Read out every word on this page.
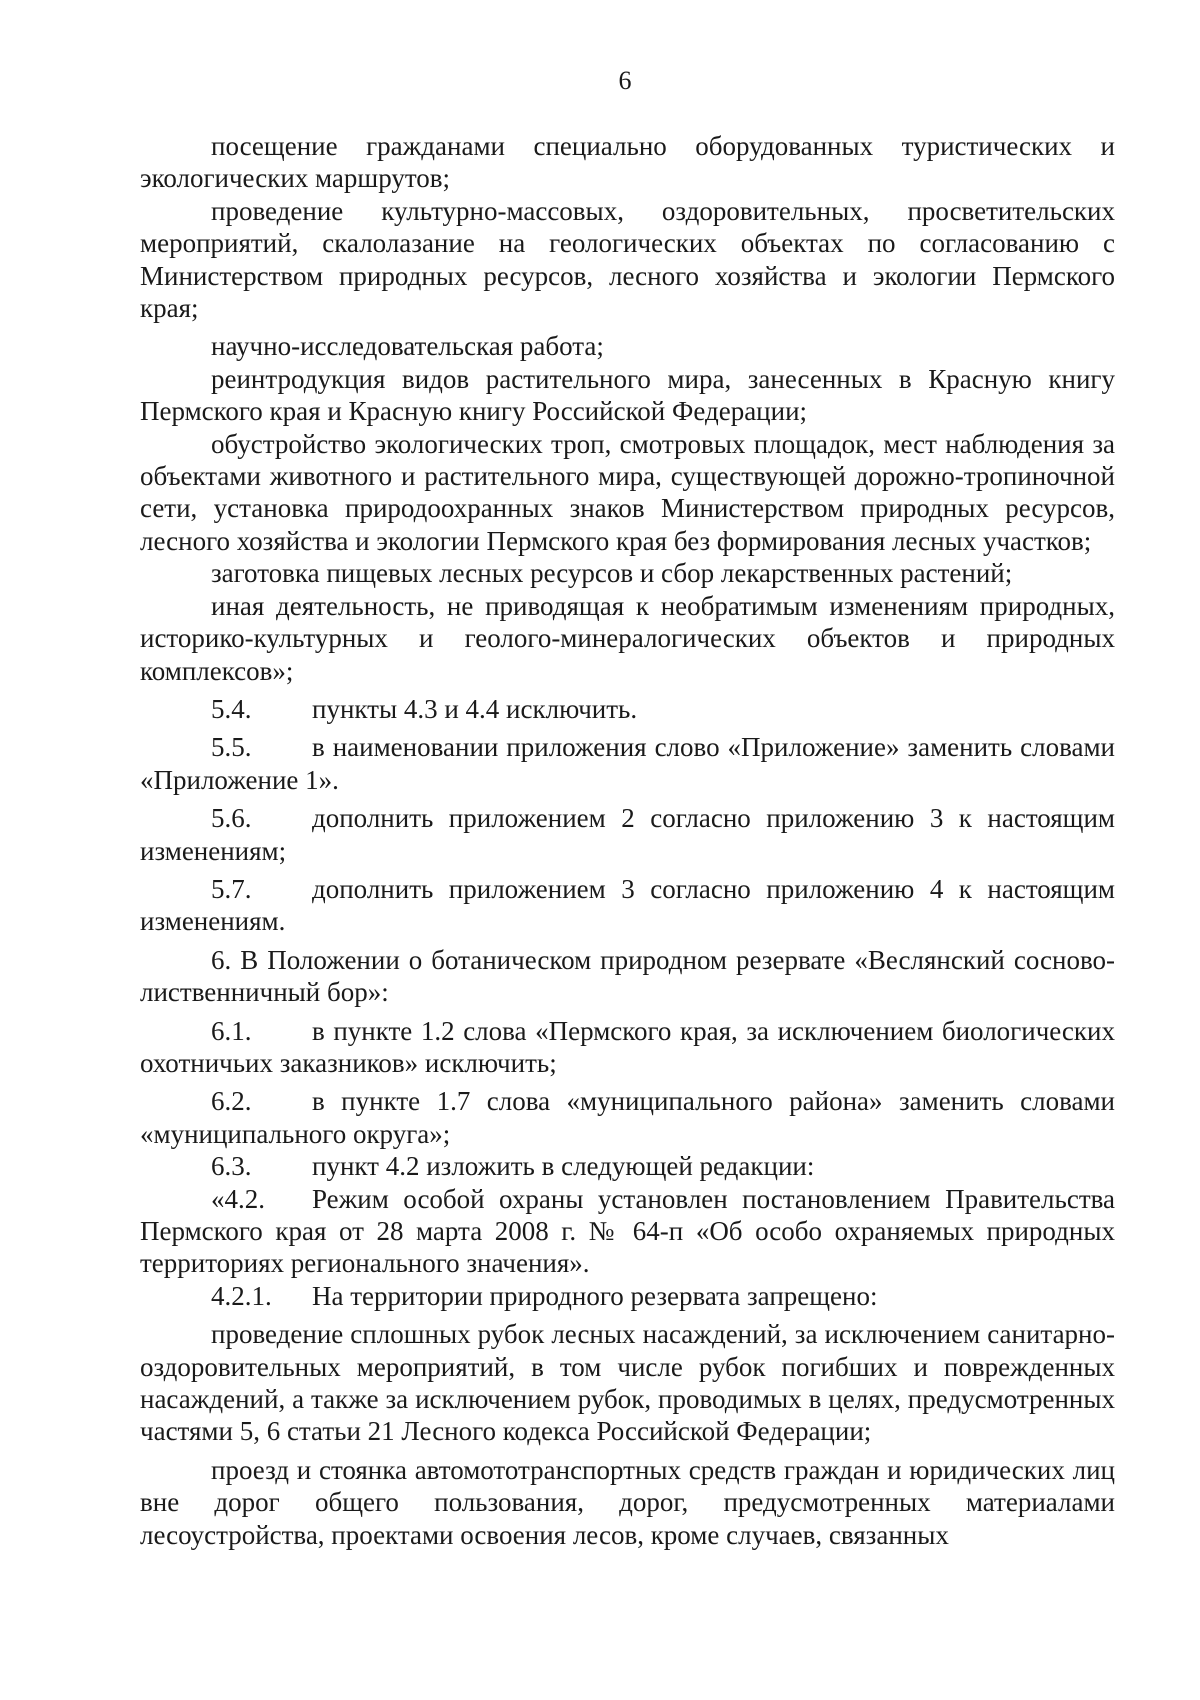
6

посещение гражданами специально оборудованных туристических и экологических маршрутов;

проведение культурно-массовых, оздоровительных, просветительских мероприятий, скалолазание на геологических объектах по согласованию с Министерством природных ресурсов, лесного хозяйства и экологии Пермского края;

научно-исследовательская работа;

реинтродукция видов растительного мира, занесенных в Красную книгу Пермского края и Красную книгу Российской Федерации;

обустройство экологических троп, смотровых площадок, мест наблюдения за объектами животного и растительного мира, существующей дорожно-тропиночной сети, установка природоохранных знаков Министерством природных ресурсов, лесного хозяйства и экологии Пермского края без формирования лесных участков;

заготовка пищевых лесных ресурсов и сбор лекарственных растений;

иная деятельность, не приводящая к необратимым изменениям природных, историко-культурных и геолого-минералогических объектов и природных комплексов»;

5.4. пункты 4.3 и 4.4 исключить.

5.5. в наименовании приложения слово «Приложение» заменить словами «Приложение 1».

5.6. дополнить приложением 2 согласно приложению 3 к настоящим изменениям;

5.7. дополнить приложением 3 согласно приложению 4 к настоящим изменениям.

6. В Положении о ботаническом природном резервате «Веслянский сосново-лиственничный бор»:

6.1. в пункте 1.2 слова «Пермского края, за исключением биологических охотничьих заказников» исключить;

6.2. в пункте 1.7 слова «муниципального района» заменить словами «муниципального округа»;

6.3. пункт 4.2 изложить в следующей редакции:

«4.2. Режим особой охраны установлен постановлением Правительства Пермского края от 28 марта 2008 г. № 64-п «Об особо охраняемых природных территориях регионального значения».

4.2.1. На территории природного резервата запрещено:

проведение сплошных рубок лесных насаждений, за исключением санитарно-оздоровительных мероприятий, в том числе рубок погибших и поврежденных насаждений, а также за исключением рубок, проводимых в целях, предусмотренных частями 5, 6 статьи 21 Лесного кодекса Российской Федерации;

проезд и стоянка автомототранспортных средств граждан и юридических лиц вне дорог общего пользования, дорог, предусмотренных материалами лесоустройства, проектами освоения лесов, кроме случаев, связанных
